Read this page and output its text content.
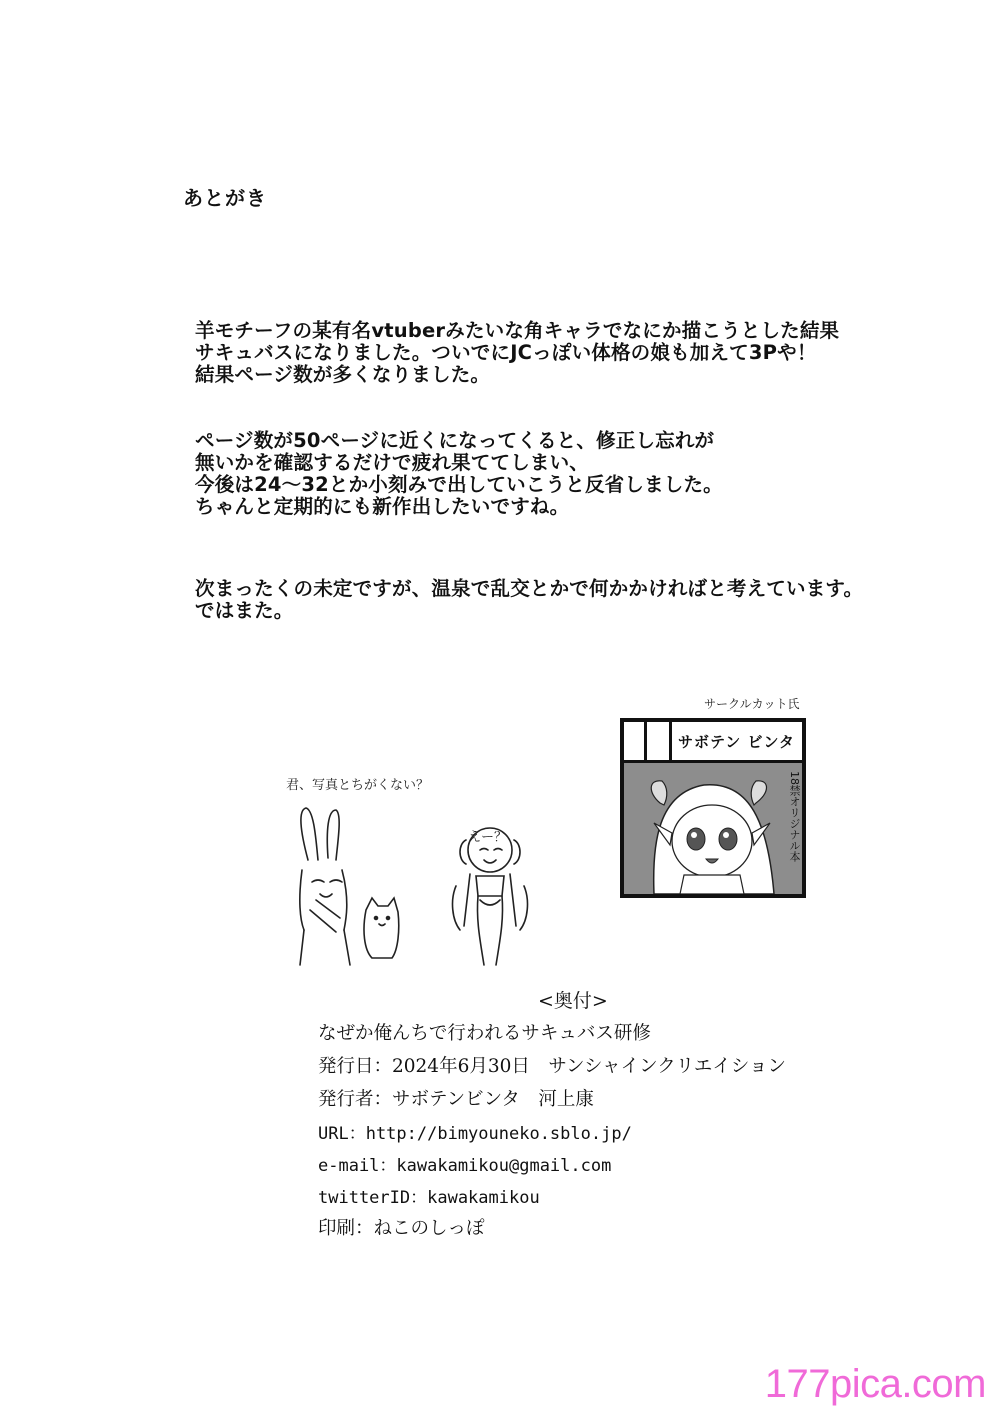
あとがき
羊モチーフの某有名vtuberみたいな角キャラでなにか描こうとした結果
サキュバスになりました。ついでにJCっぽい体格の娘も加えて3Pや！
結果ページ数が多くなりました。
ページ数が50ページに近くになってくると、修正し忘れが
無いかを確認するだけで疲れ果ててしまい、
今後は24～32とか小刻みで出していこうと反省しました。
ちゃんと定期的にも新作出したいですね。
次まったくの未定ですが、温泉で乱交とかで何かかければと考えています。
ではまた。
君、写真とちがくない？
えー？
サークルカット氏
サボテン ビンタ
18禁オリジナル本
<奥付>
なぜか俺んちで行われるサキュバス研修
発行日：2024年6月30日　サンシャインクリエイション
発行者：サボテンビンタ　河上康
URL：http://bimyouneko.sblo.jp/
e-mail：kawakamikou@gmail.com
twitterID：kawakamikou
印刷：ねこのしっぽ
177pica.com
